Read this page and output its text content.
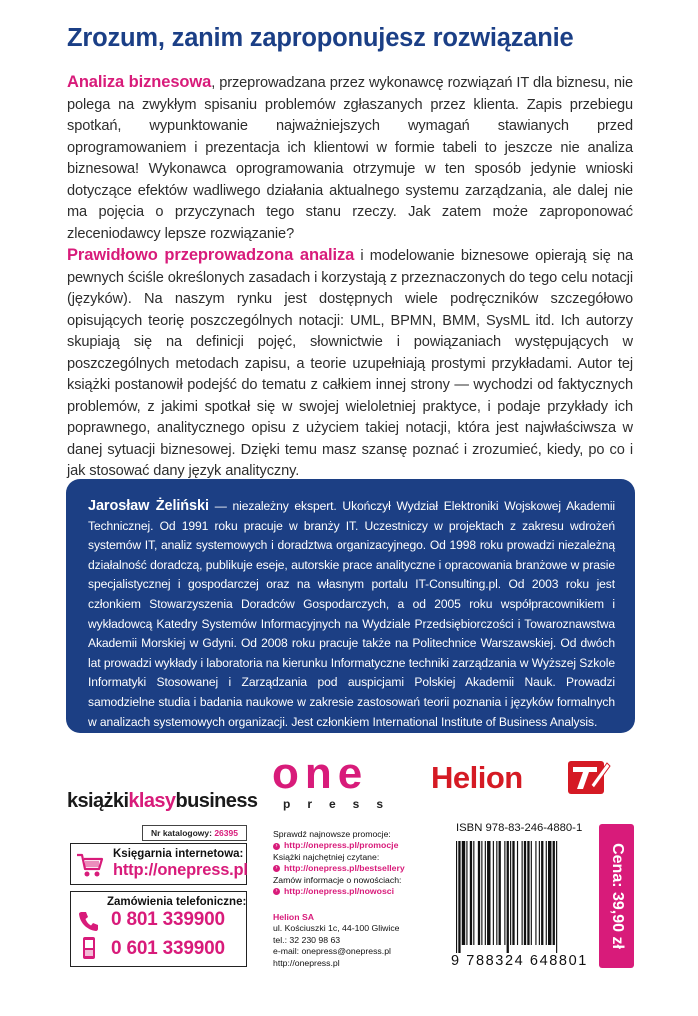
Zrozum, zanim zaproponujesz rozwiązanie

Analiza biznesowa, przeprowadzana przez wykonawcę rozwiązań IT dla biznesu, nie polega na zwykłym spisaniu problemów zgłaszanych przez klienta. Zapis przebiegu spotkań, wypunktowanie najważniejszych wymagań stawianych przed oprogramowaniem i prezentacja ich klientowi w formie tabeli to jeszcze nie analiza biznesowa! Wykonawca oprogramowania otrzymuje w ten sposób jedynie wnioski dotyczące efektów wadliwego działania aktualnego systemu zarządzania, ale dalej nie ma pojęcia o przyczynach tego stanu rzeczy. Jak zatem może zaproponować zleceniodawcy lepsze rozwiązanie?

Prawidłowo przeprowadzona analiza i modelowanie biznesowe opierają się na pewnych ściśle określonych zasadach i korzystają z przeznaczonych do tego celu notacji (języków). Na naszym rynku jest dostępnych wiele podręczników szczegółowo opisujących teorię poszczególnych notacji: UML, BPMN, BMM, SysML itd. Ich autorzy skupiają się na definicji pojęć, słownictwie i powiązaniach występujących w poszczególnych metodach zapisu, a teorie uzupełniają prostymi przykładami. Autor tej książki postanowił podejść do tematu z całkiem innej strony — wychodzi od faktycznych problemów, z jakimi spotkał się w swojej wieloletniej praktyce, i podaje przykłady ich poprawnego, analitycznego opisu z użyciem takiej notacji, która jest najwłaściwsza w danej sytuacji biznesowej. Dzięki temu masz szansę poznać i zrozumieć, kiedy, po co i jak stosować dany język analityczny.

Jarosław Żeliński — niezależny ekspert. Ukończył Wydział Elektroniki Wojskowej Akademii Technicznej. Od 1991 roku pracuje w branży IT. Uczestniczy w projektach z zakresu wdrożeń systemów IT, analiz systemowych i doradztwa organizacyjnego. Od 1998 roku prowadzi niezależną działalność doradczą, publikuje eseje, autorskie prace analityczne i opracowania branżowe w prasie specjalistycznej i gospodarczej oraz na własnym portalu IT-Consulting.pl. Od 2003 roku jest członkiem Stowarzyszenia Doradców Gospodarczych, a od 2005 roku współpracownikiem i wykładowcą Katedry Systemów Informacyjnych na Wydziale Przedsiębiorczości i Towaroznawstwa Akademii Morskiej w Gdyni. Od 2008 roku pracuje także na Politechnice Warszawskiej. Od dwóch lat prowadzi wykłady i laboratoria na kierunku Informatyczne techniki zarządzania w Wyższej Szkole Informatyki Stosowanej i Zarządzania pod auspicjami Polskiej Akademii Nauk. Prowadzi samodzielne studia i badania naukowe w zakresie zastosowań teorii poznania i języków formalnych w analizach systemowych organizacji. Jest członkiem International Institute of Business Analysis.

książkiklasybusiness
Nr katalogowy: 26395
Księgarnia internetowa:
http://onepress.pl
Zamówienia telefoniczne:
0 801 339900
0 601 339900
one
press
Helion
Sprawdź najnowsze promocje:
› http://onepress.pl/promocje
Książki najchętniej czytane:
› http://onepress.pl/bestsellery
Zamów informacje o nowościach:
› http://onepress.pl/nowosci
Helion SA
ul. Kościuszki 1c, 44-100 Gliwice
tel.: 32 230 98 63
e-mail: onepress@onepress.pl
http://onepress.pl
ISBN 978-83-246-4880-1
9 788324 648801
Cena: 39,90 zł
